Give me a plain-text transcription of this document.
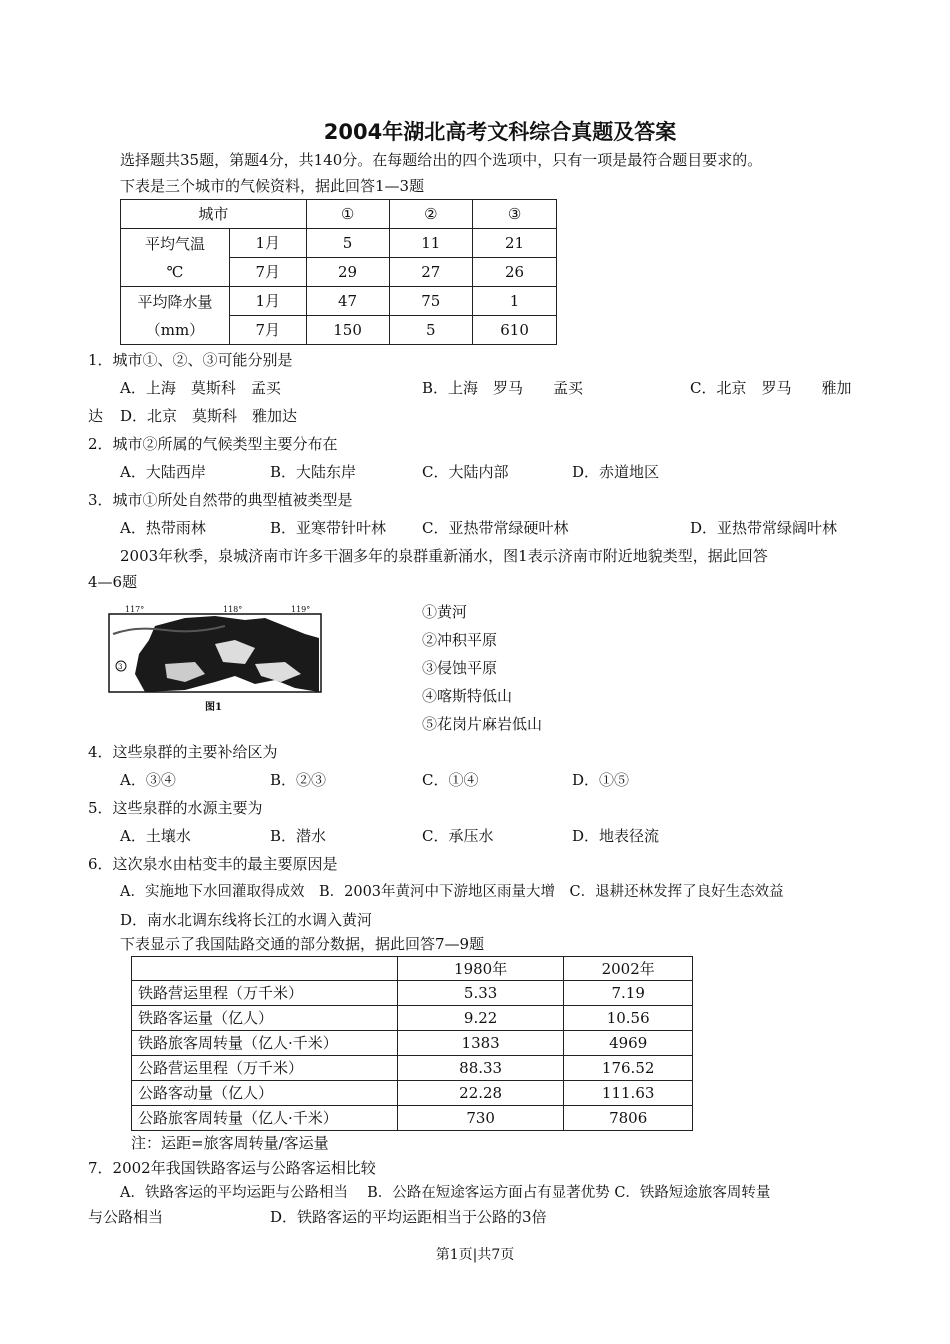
2004年湖北高考文科综合真题及答案
选择题共35题，第题4分，共140分。在每题给出的四个选项中，只有一项是最符合题目要求的。
下表是三个城市的气候资料，据此回答1—3题
城市		①	②	③
平均气温
℃	1月	5	11	21
	7月	29	27	26
平均降水量
（mm）	1月	47	75	1
	7月	150	5	610
1．城市①、②、③可能分别是
A．上海　莫斯科　孟买	B．上海　罗马　　孟买	C．北京　罗马　　雅加
达 D．北京　莫斯科　雅加达
2．城市②所属的气候类型主要分布在
A．大陆西岸	B．大陆东岸	C．大陆内部	D．赤道地区
3．城市①所处自然带的典型植被类型是
A．热带雨林	B．亚寒带针叶林 C．亚热带常绿硬叶林	D．亚热带常绿阔叶林
2003年秋季，泉城济南市许多干涸多年的泉群重新涌水，图1表示济南市附近地貌类型，据此回答
4—6题
117°	118°	119°
3
图1
①黄河
②冲积平原
③侵蚀平原
④喀斯特低山
⑤花岗片麻岩低山
4．这些泉群的主要补给区为
A．③④	B．②③	C．①④	D．①⑤
5．这些泉群的水源主要为
A．土壤水	B．潜水	C．承压水	D．地表径流
6．这次泉水由枯变丰的最主要原因是
A．实施地下水回灌取得成效　B．2003年黄河中下游地区雨量大增　C．退耕还林发挥了良好生态效益
D．南水北调东线将长江的水调入黄河
下表显示了我国陆路交通的部分数据，据此回答7—9题
	1980年	2002年
铁路营运里程（万千米）	5.33	7.19
铁路客运量（亿人）	9.22	10.56
铁路旅客周转量（亿人·千米）	1383	4969
公路营运里程（万千米）	88.33	176.52
公路客动量（亿人）	22.28	111.63
公路旅客周转量（亿人·千米）	730	7806
注：运距=旅客周转量/客运量
7．2002年我国铁路客运与公路客运相比较
A．铁路客运的平均运距与公路相当　 B．公路在短途客运方面占有显著优势 C．铁路短途旅客周转量
与公路相当	D．铁路客运的平均运距相当于公路的3倍
第1页|共7页
